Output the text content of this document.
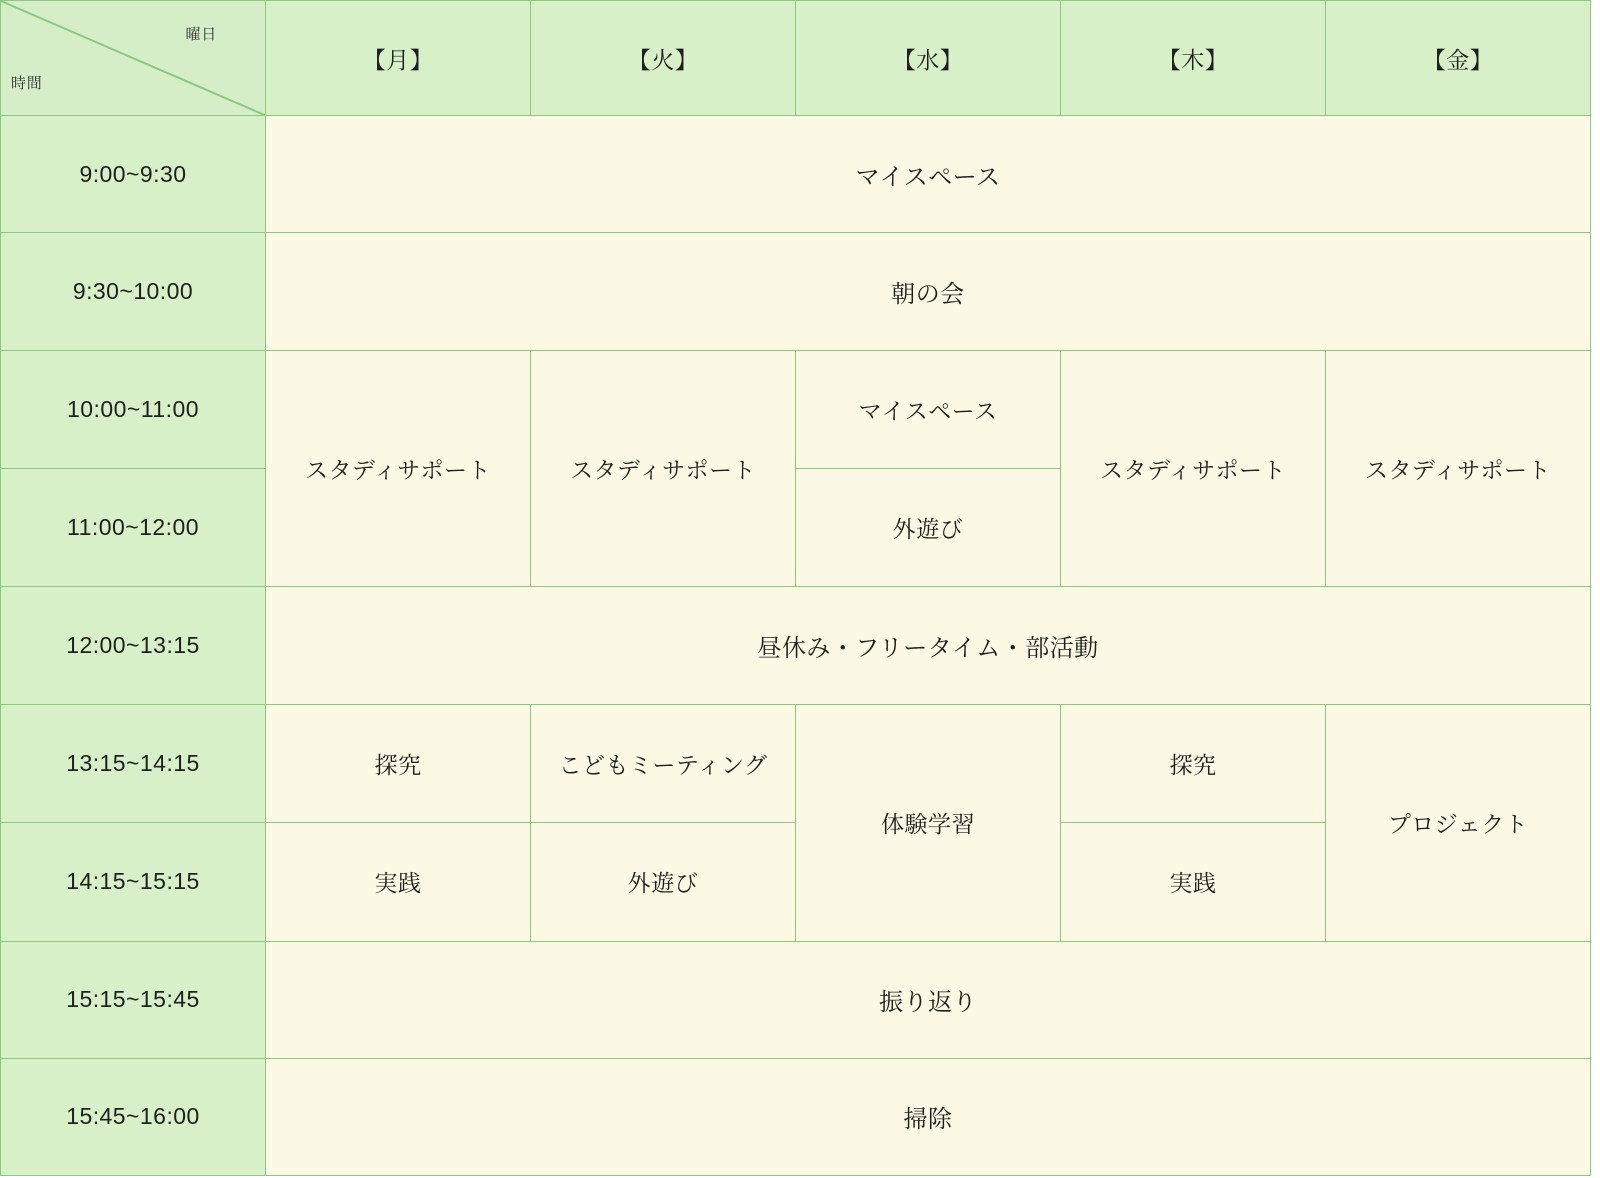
曜日
時間	【月】	【火】	【水】	【木】	【金】
9:00~9:30	マイスペース				
9:30~10:00	朝の会				
10:00~11:00	スタディサポート	スタディサポート	マイスペース	スタディサポート	スタディサポート
11:00~12:00			外遊び		
12:00~13:15	昼休み・フリータイム・部活動				
13:15~14:15	探究	こどもミーティング	体験学習	探究	プロジェクト
14:15~15:15	実践	外遊び		実践	
15:15~15:45	振り返り				
15:45~16:00	掃除				
